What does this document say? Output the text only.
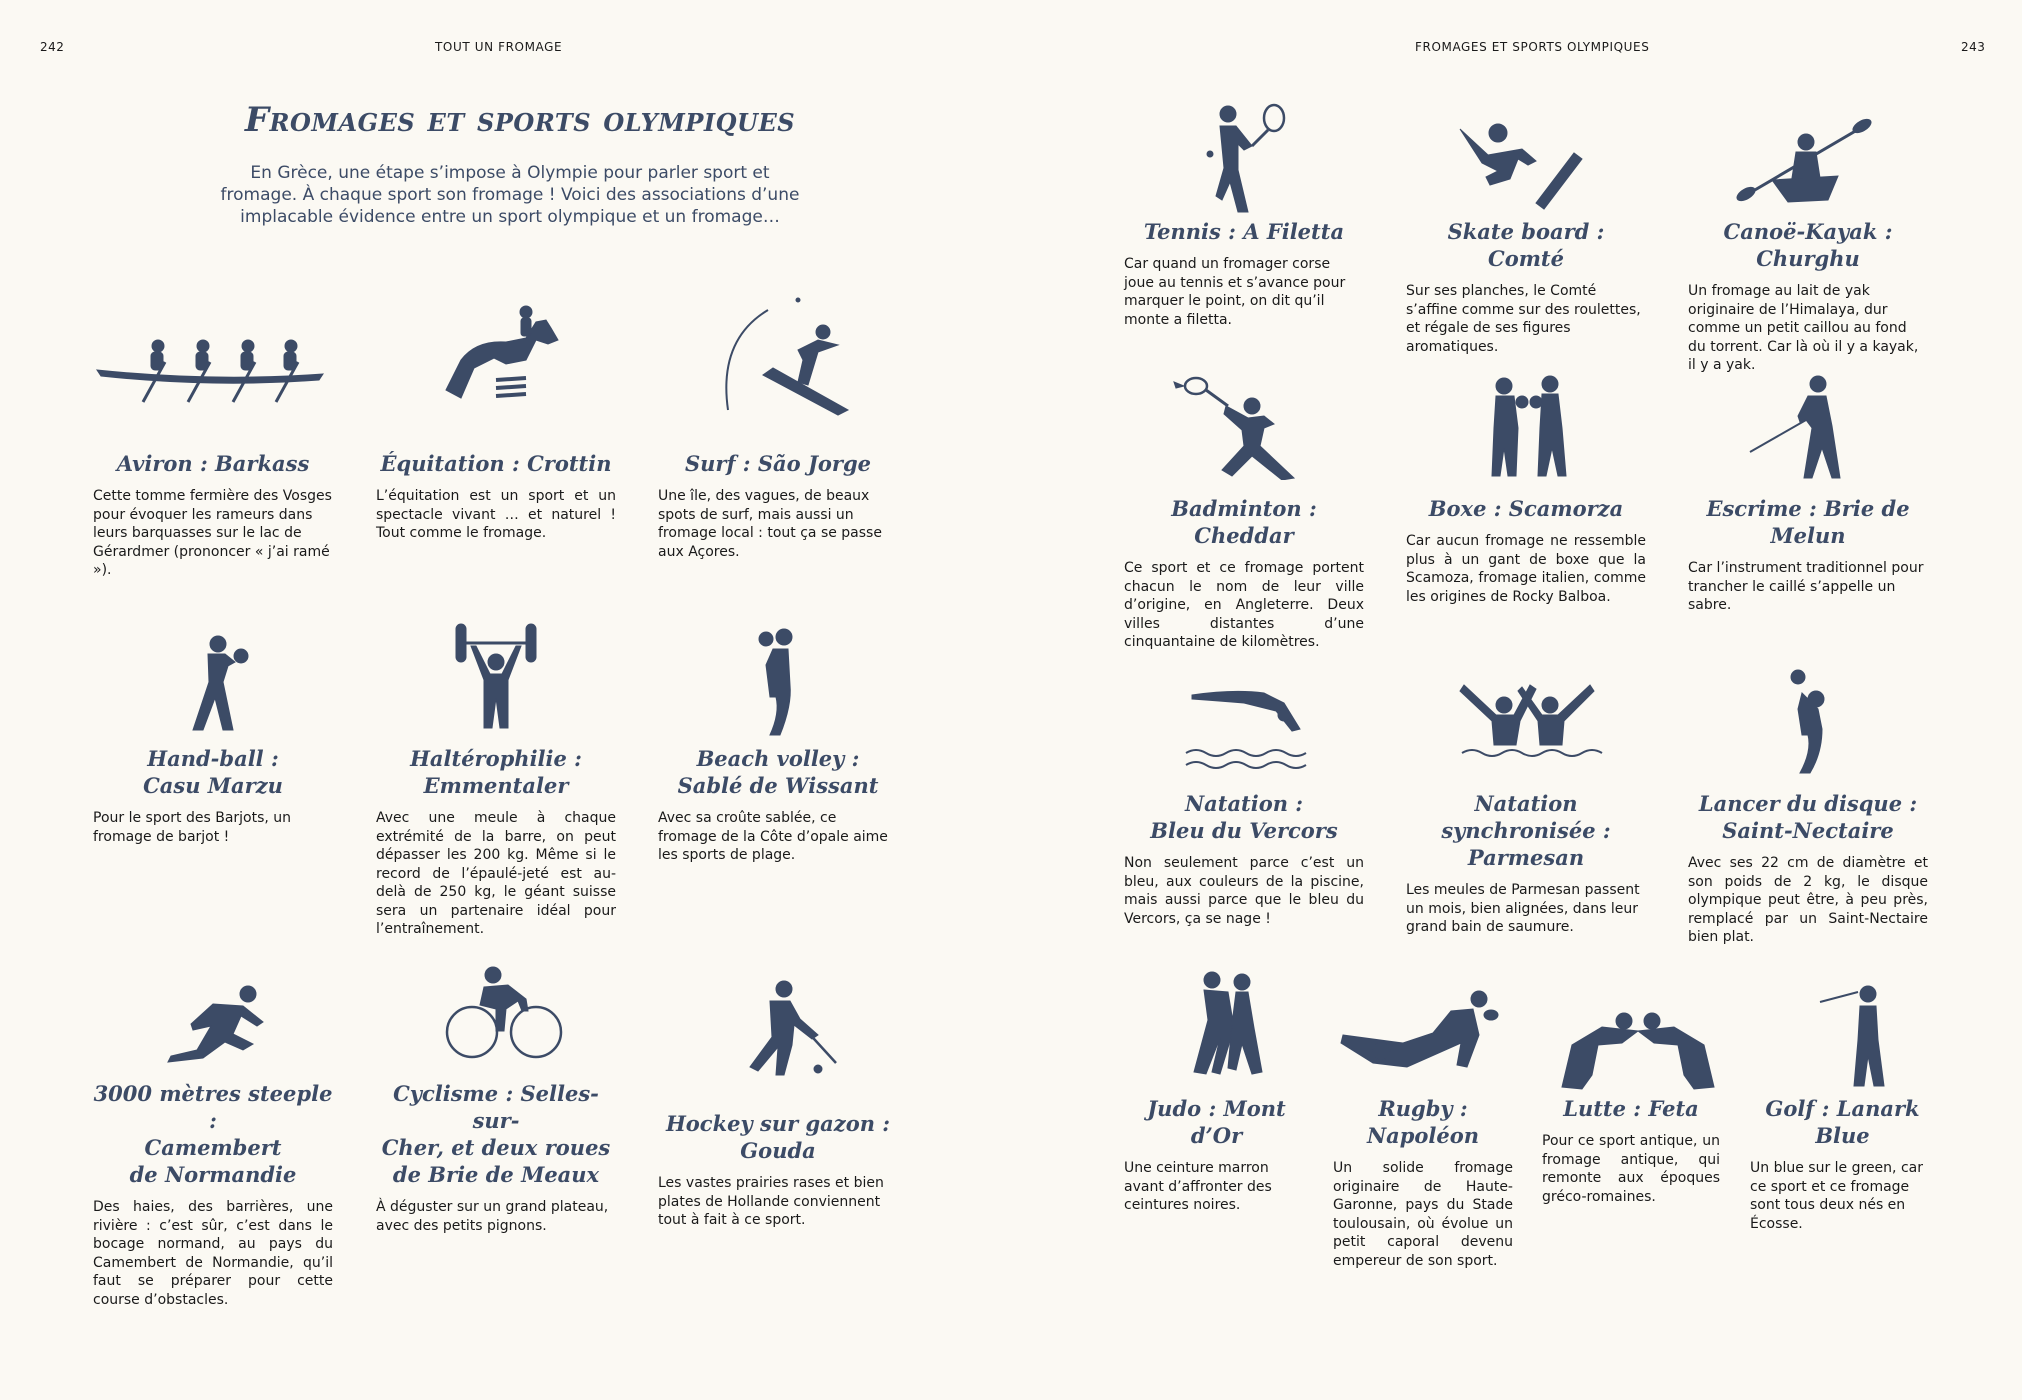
242	TOUT UN FROMAGE	FROMAGES ET SPORTS OLYMPIQUES	243
Fromages et sports olympiques
En Grèce, une étape s’impose à Olympie pour parler sport et fromage. À chaque sport son fromage ! Voici des associations d’une implacable évidence entre un sport olympique et un fromage…

Aviron : Barkass

Cette tomme fermière des Vosges pour évoquer les rameurs dans leurs barquasses sur le lac de Gérardmer (prononcer « j’ai ramé »).

Équitation : Crottin

L’équitation est un sport et un spectacle vivant … et naturel ! Tout comme le fromage.

Surf : São Jorge

Une île, des vagues, de beaux spots de surf, mais aussi un fromage local : tout ça se passe aux Açores.

Hand-ball :
Casu Marzu

Pour le sport des Barjots, un fromage de barjot !

Haltérophilie :
Emmentaler

Avec une meule à chaque extrémité de la barre, on peut dépasser les 200 kg. Même si le record de l’épaulé-jeté est au-delà de 250 kg, le géant suisse sera un partenaire idéal pour l’entraînement.

Beach volley :
Sablé de Wissant

Avec sa croûte sablée, ce fromage de la Côte d’opale aime les sports de plage.

3000 mètres steeple :
Camembert
de Normandie

Des haies, des barrières, une rivière : c’est sûr, c’est dans le bocage normand, au pays du Camembert de Normandie, qu’il faut se préparer pour cette course d’obstacles.

Cyclisme : Selles-sur-
Cher, et deux roues
de Brie de Meaux

À déguster sur un grand plateau, avec des petits pignons.

Hockey sur gazon :
Gouda

Les vastes prairies rases et bien plates de Hollande conviennent tout à fait à ce sport.

Tennis : A Filetta

Car quand un fromager corse joue au tennis et s’avance pour marquer le point, on dit qu’il monte a filetta.

Skate board : Comté

Sur ses planches, le Comté s’affine comme sur des roulettes, et régale de ses figures aromatiques.

Canoë-Kayak : Churghu

Un fromage au lait de yak originaire de l’Himalaya, dur comme un petit caillou au fond du torrent. Car là où il y a kayak, il y a yak.

Badminton : Cheddar

Ce sport et ce fromage portent chacun le nom de leur ville d’origine, en Angleterre. Deux villes distantes d’une cinquantaine de kilomètres.

Boxe : Scamorza

Car aucun fromage ne ressemble plus à un gant de boxe que la Scamoza, fromage italien, comme les origines de Rocky Balboa.

Escrime : Brie de Melun

Car l’instrument traditionnel pour trancher le caillé s’appelle un sabre.

Natation :
Bleu du Vercors

Non seulement parce c’est un bleu, aux couleurs de la piscine, mais aussi parce que le bleu du Vercors, ça se nage !

Natation synchronisée :
Parmesan

Les meules de Parmesan passent un mois, bien alignées, dans leur grand bain de saumure.

Lancer du disque :
Saint-Nectaire

Avec ses 22 cm de diamètre et son poids de 2 kg, le disque olympique peut être, à peu près, remplacé par un Saint-Nectaire bien plat.

Judo : Mont d’Or

Une ceinture marron avant d’affronter des ceintures noires.

Rugby : Napoléon

Un solide fromage originaire de Haute-Garonne, pays du Stade toulousain, où évolue un petit caporal devenu empereur de son sport.

Lutte : Feta

Pour ce sport antique, un fromage antique, qui remonte aux époques gréco-romaines.

Golf : Lanark Blue

Un blue sur le green, car ce sport et ce fromage sont tous deux nés en Écosse.
